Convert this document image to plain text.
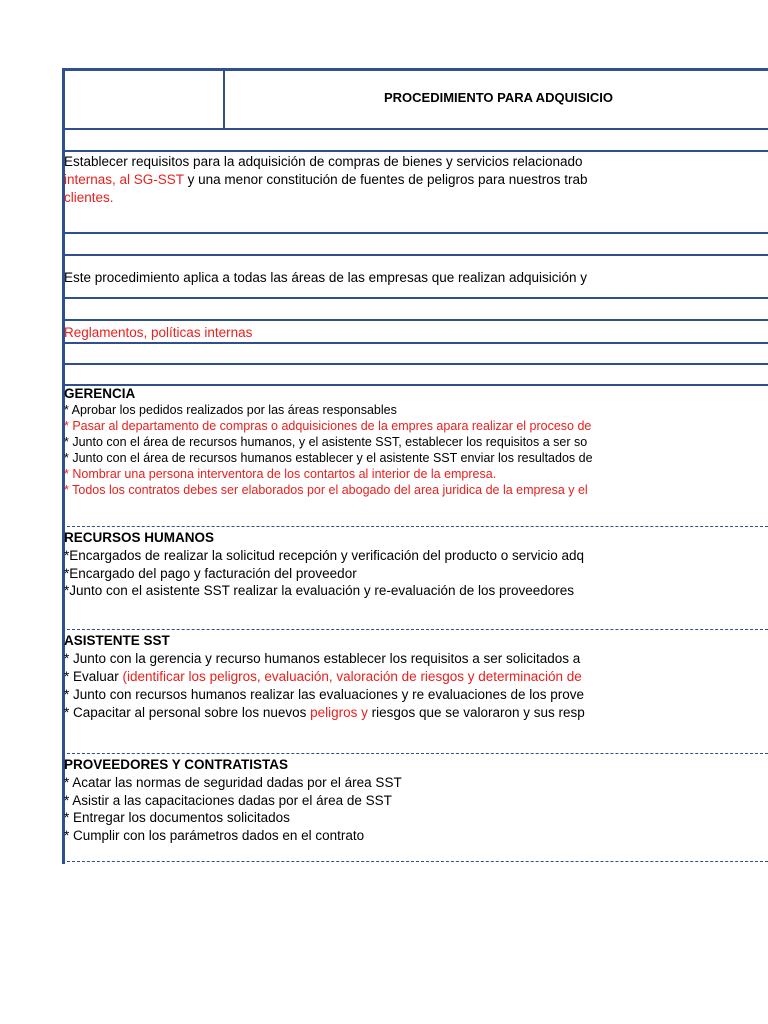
PROCEDIMIENTO PARA ADQUISICIO
Establecer requisitos para la adquisición de compras de bienes y servicios relacionado
internas, al SG-SST y una menor constitución de fuentes de peligros para nuestros trab
clientes.
Este procedimiento aplica a todas las áreas de las empresas que realizan adquisición y
Reglamentos, políticas internas
GERENCIA
* Aprobar los pedidos realizados por las áreas responsables
* Pasar al departamento de compras o adquisiciones de la empres apara realizar el proceso de
* Junto con el área de recursos humanos, y el asistente SST, establecer los requisitos a ser so
* Junto con el área de recursos humanos establecer y el asistente SST enviar los resultados de
* Nombrar una persona interventora de los contartos al interior de la empresa.
* Todos los contratos debes ser elaborados por el abogado del area juridica de la empresa y el
RECURSOS HUMANOS
*Encargados de realizar la solicitud recepción y verificación del producto o servicio adq
*Encargado del pago y facturación del proveedor
*Junto con el asistente SST realizar la evaluación y re-evaluación de los proveedores
ASISTENTE SST
* Junto con la gerencia y recurso humanos establecer los requisitos a ser solicitados a
* Evaluar (identificar los peligros, evaluación, valoración de riesgos y determinación de
* Junto con recursos humanos realizar las evaluaciones y re evaluaciones de los prove
* Capacitar al personal sobre los nuevos peligros y riesgos que se valoraron y sus resp
PROVEEDORES Y CONTRATISTAS
* Acatar las normas de seguridad dadas por el área SST
* Asistir a las capacitaciones dadas por el área de SST
* Entregar los documentos solicitados
* Cumplir con los parámetros dados en el contrato
